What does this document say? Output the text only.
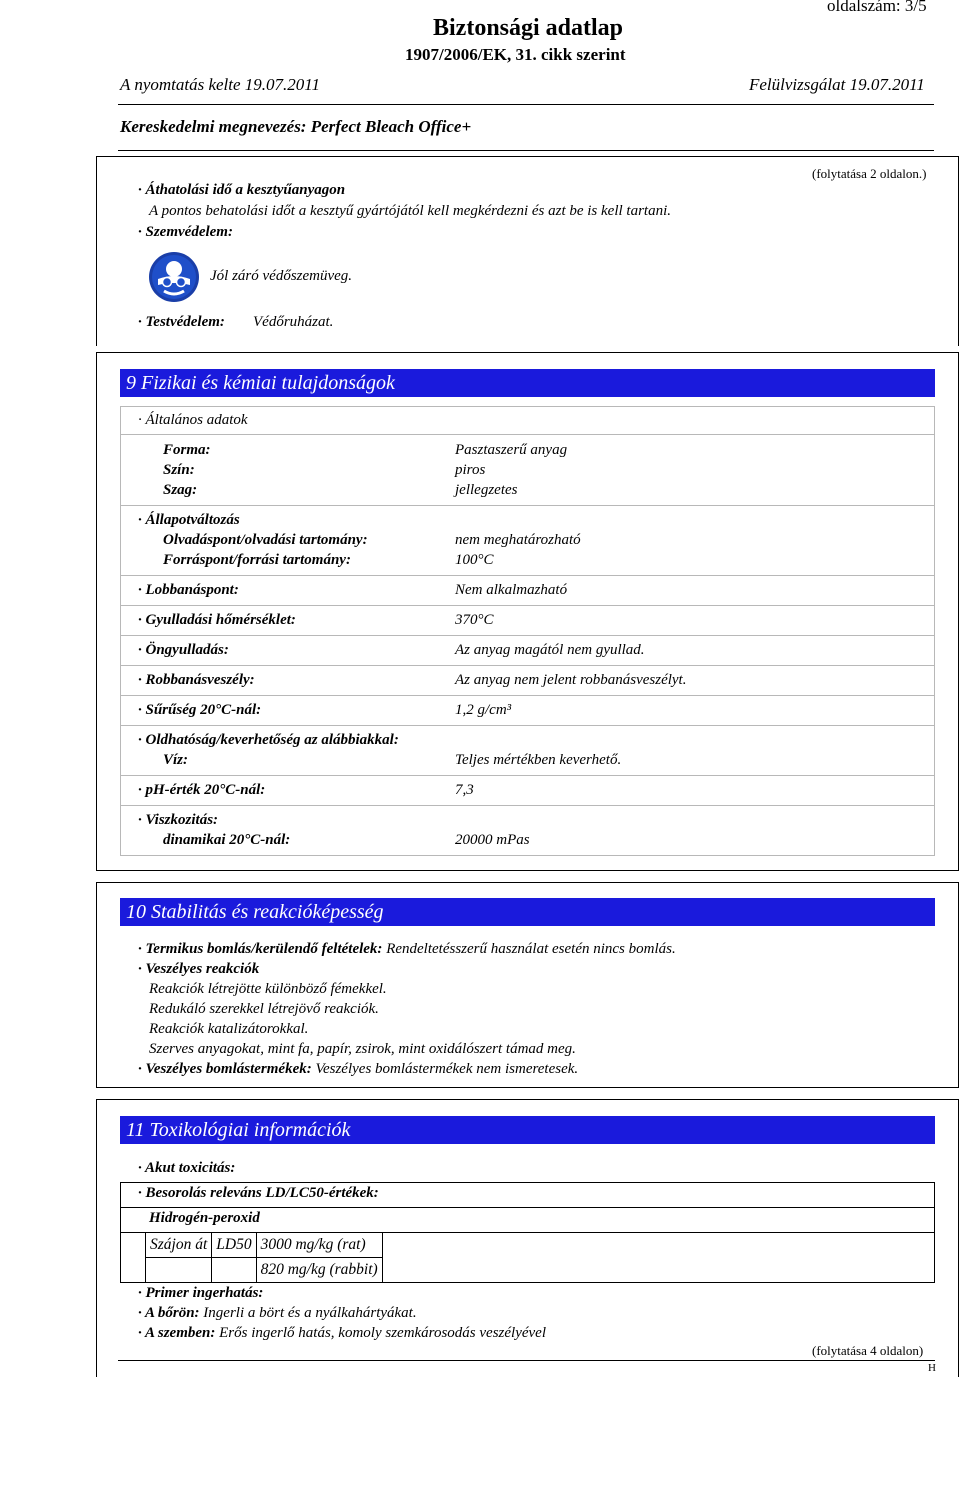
oldalszám: 3/5
Biztonsági adatlap
1907/2006/EK, 31. cikk szerint
A nyomtatás kelte 19.07.2011	Felülvizsgálat 19.07.2011
Kereskedelmi megnevezés: Perfect Bleach Office+
(folytatása 2 oldalon.)
· Áthatolási idő a kesztyűanyagon
A pontos behatolási időt a kesztyű gyártójától kell megkérdezni és azt be is kell tartani.
· Szemvédelem:
Jól záró védőszemüveg.
· Testvédelem: Védőruházat.
9 Fizikai és kémiai tulajdonságok
· Általános adatok
Forma:	Pasztaszerű anyag
Szín:	piros
Szag:	jellegzetes
· Állapotváltozás
Olvadáspont/olvadási tartomány:	nem meghatározható
Forráspont/forrási tartomány:	100°C
· Lobbanáspont:	Nem alkalmazható
· Gyulladási hőmérséklet:	370°C
· Öngyulladás:	Az anyag magától nem gyullad.
· Robbanásveszély:	Az anyag nem jelent robbanásveszélyt.
· Sűrűség 20°C-nál:	1,2 g/cm³
· Oldhatóság/keverhetőség az alábbiakkal:
Víz:	Teljes mértékben keverhető.
· pH-érték 20°C-nál:	7,3
· Viszkozitás:
dinamikai 20°C-nál:	20000 mPas
10 Stabilitás és reakcióképesség
· Termikus bomlás/kerülendő feltételek: Rendeltetésszerű használat esetén nincs bomlás.
· Veszélyes reakciók
Reakciók létrejötte különböző fémekkel.
Redukáló szerekkel létrejövő reakciók.
Reakciók katalizátorokkal.
Szerves anyagokat, mint fa, papír, zsirok, mint oxidálószert támad meg.
· Veszélyes bomlástermékek: Veszélyes bomlástermékek nem ismeretesek.
11 Toxikológiai információk
· Akut toxicitás:
· Besorolás releváns LD/LC50-értékek:
Hidrogén-peroxid
Szájon át	LD50	3000 mg/kg (rat)
		820 mg/kg (rabbit)
· Primer ingerhatás:
· A bőrön: Ingerli a bört és a nyálkahártyákat.
· A szemben: Erős ingerlő hatás, komoly szemkárosodás veszélyével
(folytatása 4 oldalon)
H
